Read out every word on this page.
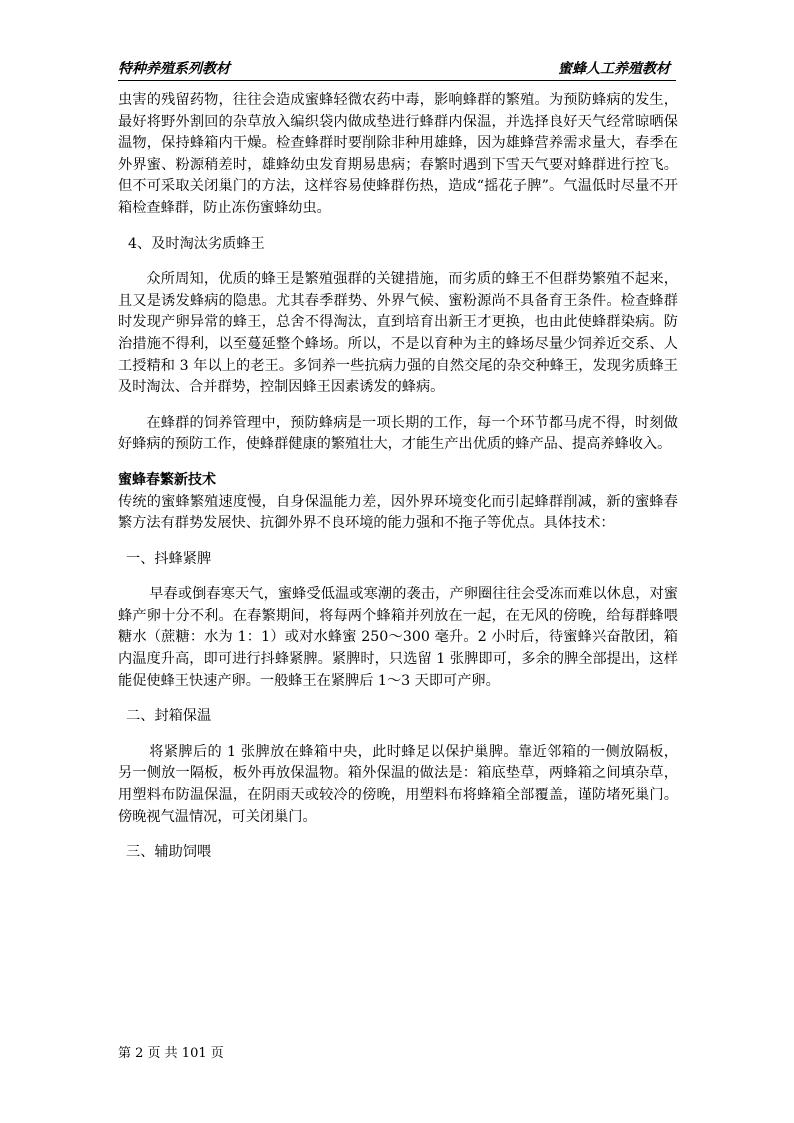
特种养殖系列教材	蜜蜂人工养殖教材

虫害的残留药物，往往会造成蜜蜂轻微农药中毒，影响蜂群的繁殖。为预防蜂病的发生，最好将野外割回的杂草放入编织袋内做成垫进行蜂群内保温，并选择良好天气经常晾晒保温物，保持蜂箱内干燥。检查蜂群时要削除非种用雄蜂，因为雄蜂营养需求量大，春季在外界蜜、粉源稍差时，雄蜂幼虫发育期易患病；春繁时遇到下雪天气要对蜂群进行控飞。但不可采取关闭巢门的方法，这样容易使蜂群伤热，造成“摇花子脾”。气温低时尽量不开箱检查蜂群，防止冻伤蜜蜂幼虫。

4、及时淘汰劣质蜂王

众所周知，优质的蜂王是繁殖强群的关键措施，而劣质的蜂王不但群势繁殖不起来，且又是诱发蜂病的隐患。尤其春季群势、外界气候、蜜粉源尚不具备育王条件。检查蜂群时发现产卵异常的蜂王，总舍不得淘汰，直到培育出新王才更换，也由此使蜂群染病。防治措施不得利，以至蔓延整个蜂场。所以，不是以育种为主的蜂场尽量少饲养近交系、人工授精和 3 年以上的老王。多饲养一些抗病力强的自然交尾的杂交种蜂王，发现劣质蜂王及时淘汰、合并群势，控制因蜂王因素诱发的蜂病。

在蜂群的饲养管理中，预防蜂病是一项长期的工作，每一个环节都马虎不得，时刻做好蜂病的预防工作，使蜂群健康的繁殖壮大，才能生产出优质的蜂产品、提高养蜂收入。

蜜蜂春繁新技术

传统的蜜蜂繁殖速度慢，自身保温能力差，因外界环境变化而引起蜂群削减，新的蜜蜂春繁方法有群势发展快、抗御外界不良环境的能力强和不拖子等优点。具体技术：

一、抖蜂紧脾

早春或倒春寒天气，蜜蜂受低温或寒潮的袭击，产卵圈往往会受冻而难以休息，对蜜蜂产卵十分不利。在春繁期间，将每两个蜂箱并列放在一起，在无风的傍晚，给每群蜂喂糖水（蔗糖：水为 1：1）或对水蜂蜜 250～300 毫升。2 小时后，待蜜蜂兴奋散团，箱内温度升高，即可进行抖蜂紧脾。紧脾时，只选留 1 张脾即可，多余的脾全部提出，这样能促使蜂王快速产卵。一般蜂王在紧脾后 1～3 天即可产卵。

二、封箱保温

将紧脾后的 1 张脾放在蜂箱中央，此时蜂足以保护巢脾。靠近邻箱的一侧放隔板，另一侧放一隔板，板外再放保温物。箱外保温的做法是：箱底垫草，两蜂箱之间填杂草，用塑料布防温保温，在阴雨天或较冷的傍晚，用塑料布将蜂箱全部覆盖，谨防堵死巢门。傍晚视气温情况，可关闭巢门。

三、辅助饲喂

第 2 页 共 101 页
